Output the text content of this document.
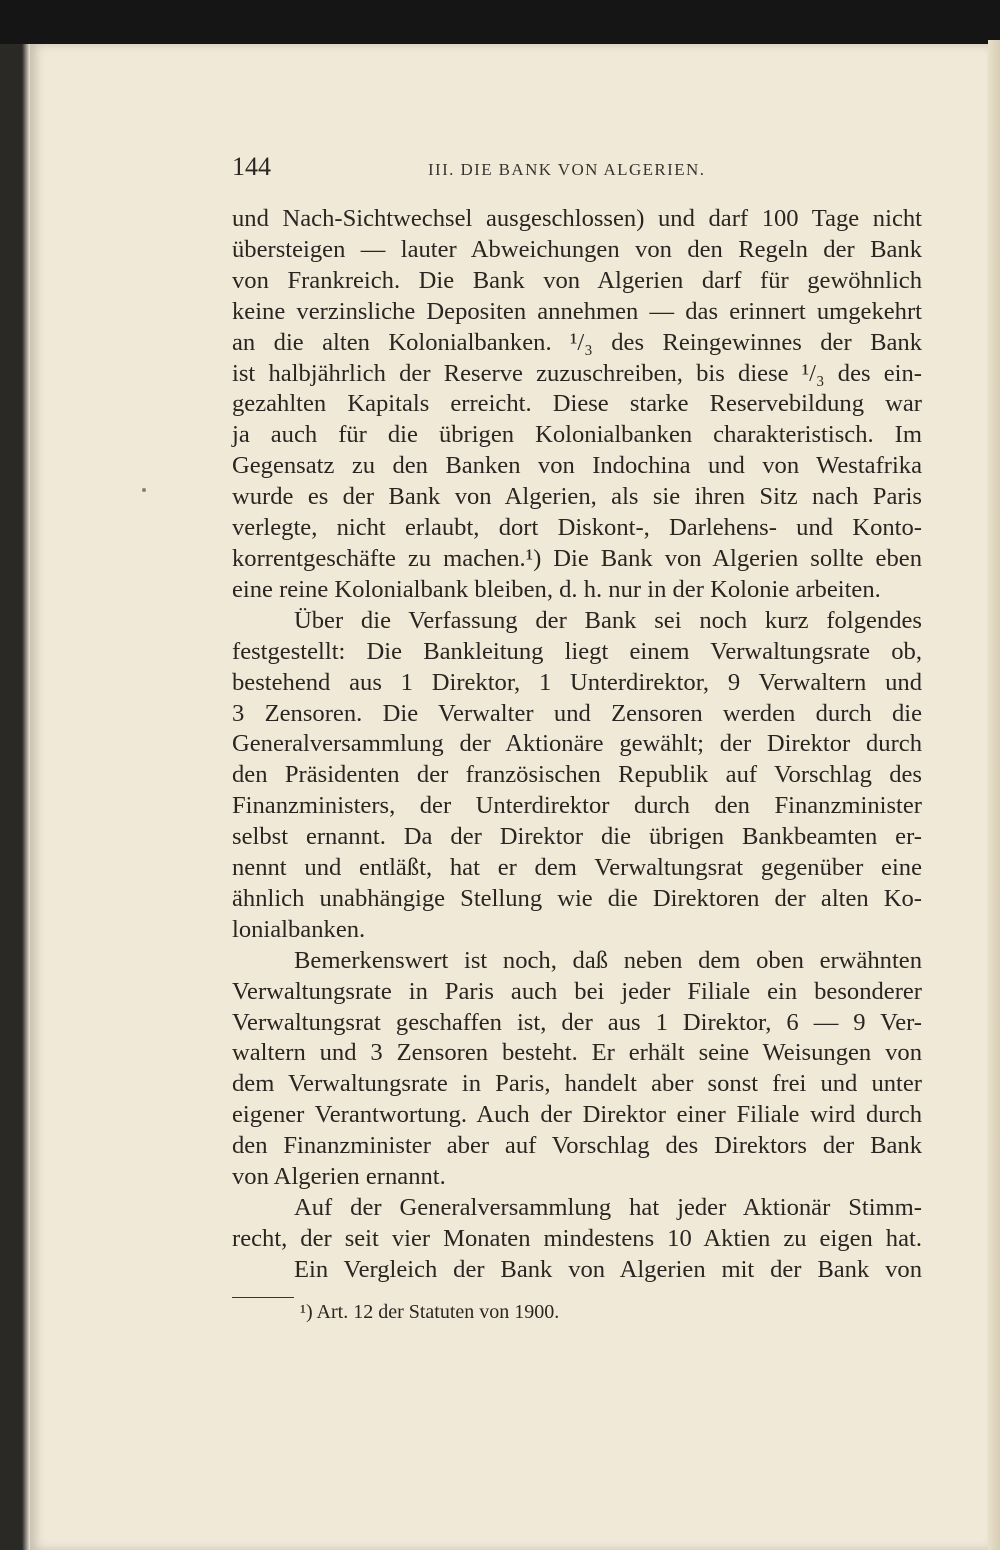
144	III. DIE BANK VON ALGERIEN.
und Nach-Sichtwechsel ausgeschlossen) und darf 100 Tage nicht
übersteigen — lauter Abweichungen von den Regeln der Bank
von Frankreich. Die Bank von Algerien darf für gewöhnlich
keine verzinsliche Depositen annehmen — das erinnert umgekehrt
an die alten Kolonialbanken. ¹/₃ des Reingewinnes der Bank
ist halbjährlich der Reserve zuzuschreiben, bis diese ¹/₃ des ein-
gezahlten Kapitals erreicht. Diese starke Reservebildung war
ja auch für die übrigen Kolonialbanken charakteristisch. Im
Gegensatz zu den Banken von Indochina und von Westafrika
wurde es der Bank von Algerien, als sie ihren Sitz nach Paris
verlegte, nicht erlaubt, dort Diskont-, Darlehens- und Konto-
korrentgeschäfte zu machen.¹) Die Bank von Algerien sollte eben
eine reine Kolonialbank bleiben, d. h. nur in der Kolonie arbeiten.
Über die Verfassung der Bank sei noch kurz folgendes
festgestellt: Die Bankleitung liegt einem Verwaltungsrate ob,
bestehend aus 1 Direktor, 1 Unterdirektor, 9 Verwaltern und
3 Zensoren. Die Verwalter und Zensoren werden durch die
Generalversammlung der Aktionäre gewählt; der Direktor durch
den Präsidenten der französischen Republik auf Vorschlag des
Finanzministers, der Unterdirektor durch den Finanzminister
selbst ernannt. Da der Direktor die übrigen Bankbeamten er-
nennt und entläßt, hat er dem Verwaltungsrat gegenüber eine
ähnlich unabhängige Stellung wie die Direktoren der alten Ko-
lonialbanken.
Bemerkenswert ist noch, daß neben dem oben erwähnten
Verwaltungsrate in Paris auch bei jeder Filiale ein besonderer
Verwaltungsrat geschaffen ist, der aus 1 Direktor, 6 — 9 Ver-
waltern und 3 Zensoren besteht. Er erhält seine Weisungen von
dem Verwaltungsrate in Paris, handelt aber sonst frei und unter
eigener Verantwortung. Auch der Direktor einer Filiale wird durch
den Finanzminister aber auf Vorschlag des Direktors der Bank
von Algerien ernannt.
Auf der Generalversammlung hat jeder Aktionär Stimm-
recht, der seit vier Monaten mindestens 10 Aktien zu eigen hat.
Ein Vergleich der Bank von Algerien mit der Bank von
¹) Art. 12 der Statuten von 1900.
